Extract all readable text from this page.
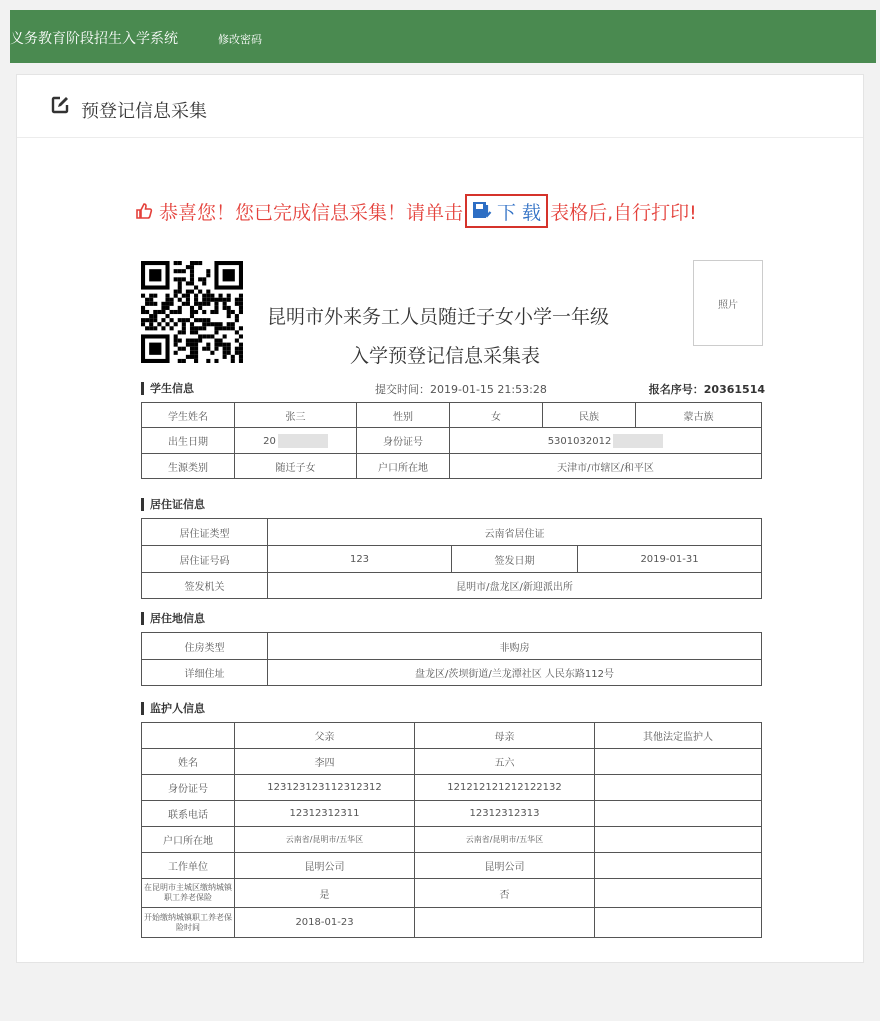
义务教育阶段招生入学系统	修改密码
预登记信息采集
恭喜您！您已完成信息采集！请单击 下 载 表格后,自行打印!
昆明市外来务工人员随迁子女小学一年级
入学预登记信息采集表
照片
学生信息	提交时间：2019-01-15 21:53:28	报名序号：20361514
学生姓名	张三	性别	女	民族	蒙古族
出生日期	20	身份证号	5301032012		
生源类别	随迁子女	户口所在地	天津市/市辖区/和平区		
居住证信息
居住证类型	云南省居住证		
居住证号码	123	签发日期	2019-01-31
签发机关	昆明市/盘龙区/新迎派出所		
居住地信息
住房类型	非购房
详细住址	盘龙区/茨坝街道/兰龙潭社区 人民东路112号
监护人信息
	父亲	母亲	其他法定监护人
姓名	李四	五六	
身份证号	123123123112312312	121212121212122132	
联系电话	12312312311	12312312313	
户口所在地	云南省/昆明市/五华区	云南省/昆明市/五华区	
工作单位	昆明公司	昆明公司	
在昆明市主城区缴纳城镇职工养老保险	是	否	
开始缴纳城镇职工养老保险时间	2018-01-23		
